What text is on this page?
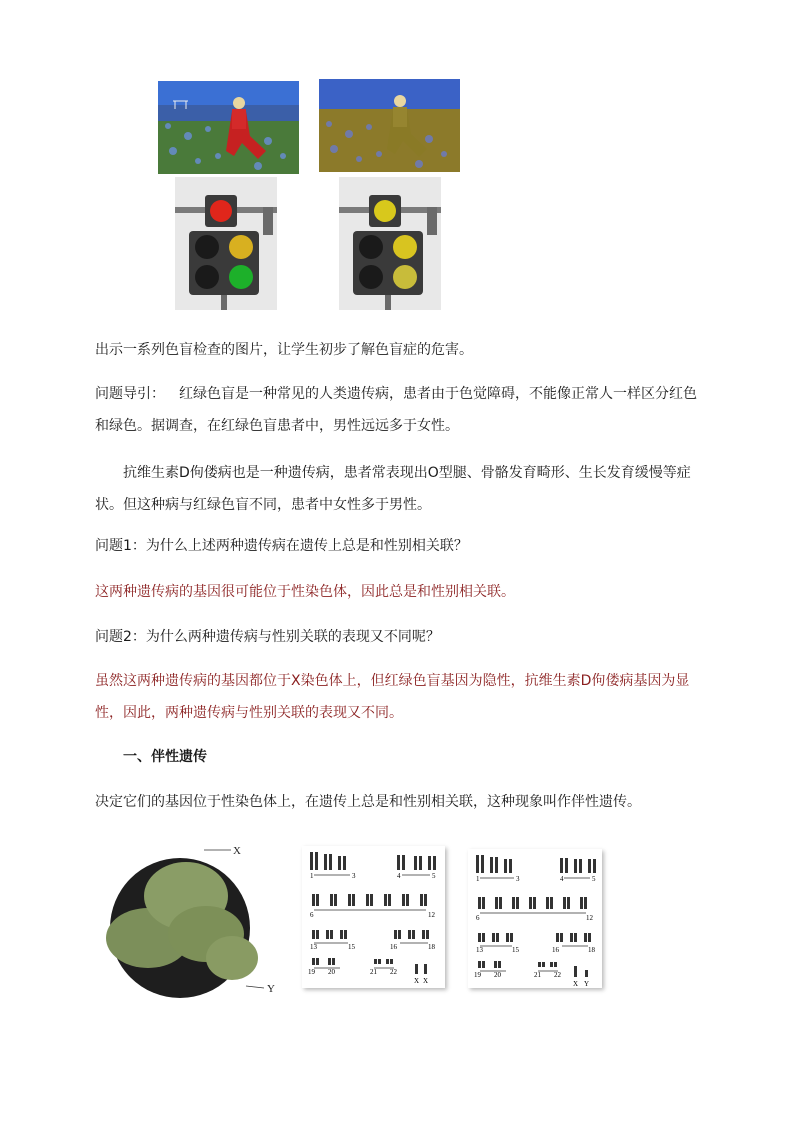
出示一系列色盲检查的图片，让学生初步了解色盲症的危害。

问题导引： 红绿色盲是一种常见的人类遗传病，患者由于色觉障碍，不能像正常人一样区分红色和绿色。据调查，在红绿色盲患者中，男性远远多于女性。

抗维生素D佝偻病也是一种遗传病，患者常表现出O型腿、骨骼发育畸形、生长发育缓慢等症状。但这种病与红绿色盲不同，患者中女性多于男性。

问题1：为什么上述两种遗传病在遗传上总是和性别相关联？

这两种遗传病的基因很可能位于性染色体，因此总是和性别相关联。

问题2：为什么两种遗传病与性别关联的表现又不同呢？

虽然这两种遗传病的基因都位于X染色体上，但红绿色盲基因为隐性，抗维生素D佝偻病基因为显性，因此，两种遗传病与性别关联的表现又不同。

一、伴性遗传

决定它们的基因位于性染色体上，在遗传上总是和性别相关联，这种现象叫作伴性遗传。

X
Y
1	3	4	5
6	12
13	15	16	18
19 20	21 22
X X
1	3	4	5
6	12
13	15	16	18
19 20	21 22
X Y
